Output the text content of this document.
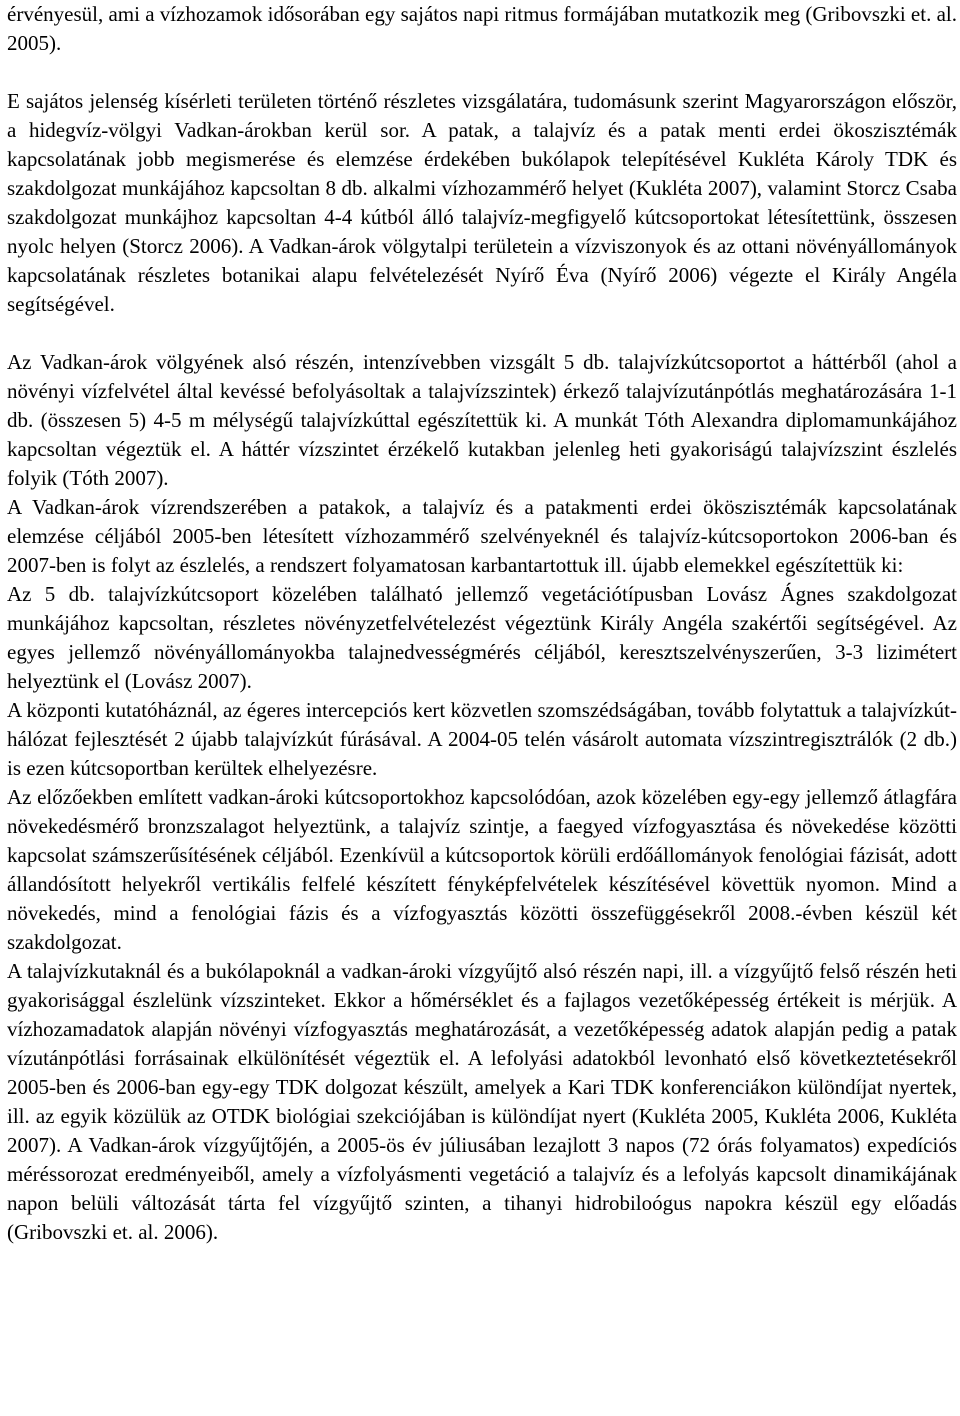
érvényesül, ami a vízhozamok idősorában egy sajátos napi ritmus formájában mutatkozik meg (Gribovszki et. al. 2005).

E sajátos jelenség kísérleti területen történő részletes vizsgálatára, tudomásunk szerint Magyarországon először, a hidegvíz-völgyi Vadkan-árokban kerül sor. A patak, a talajvíz és a patak menti erdei ökoszisztémák kapcsolatának jobb megismerése és elemzése érdekében bukólapok telepítésével Kukléta Károly TDK és szakdolgozat munkájához kapcsoltan 8 db. alkalmi vízhozammérő helyet (Kukléta 2007), valamint Storcz Csaba szakdolgozat munkájhoz kapcsoltan 4-4 kútból álló talajvíz-megfigyelő kútcsoportokat létesítettünk, összesen nyolc helyen (Storcz 2006). A Vadkan-árok völgytalpi területein a vízviszonyok és az ottani növényállományok kapcsolatának részletes botanikai alapu felvételezését Nyírő Éva (Nyírő 2006) végezte el Király Angéla segítségével.

Az Vadkan-árok völgyének alsó részén, intenzívebben vizsgált 5 db. talajvízkútcsoportot a háttérből (ahol a növényi vízfelvétel által kevéssé befolyásoltak a talajvízszintek) érkező talajvízutánpótlás meghatározására 1-1 db. (összesen 5) 4-5 m mélységű talajvízkúttal egészítettük ki. A munkát Tóth Alexandra diplomamunkájához kapcsoltan végeztük el. A háttér vízszintet érzékelő kutakban jelenleg heti gyakoriságú talajvízszint észlelés folyik (Tóth 2007).

A Vadkan-árok vízrendszerében a patakok, a talajvíz és a patakmenti erdei ököszisztémák kapcsolatának elemzése céljából 2005-ben létesített vízhozammérő szelvényeknél és talajvíz-kútcsoportokon 2006-ban és 2007-ben is folyt az észlelés, a rendszert folyamatosan karbantartottuk ill. újabb elemekkel egészítettük ki:

Az 5 db. talajvízkútcsoport közelében található jellemző vegetációtípusban Lovász Ágnes szakdolgozat munkájához kapcsoltan, részletes növényzetfelvételezést végeztünk Király Angéla szakértői segítségével. Az egyes jellemző növényállományokba talajnedvességmérés céljából, keresztszelvényszerűen, 3-3 lizimétert helyeztünk el (Lovász 2007).

A központi kutatóháznál, az égeres intercepciós kert közvetlen szomszédságában, tovább folytattuk a talajvízkút-hálózat fejlesztését 2 újabb talajvízkút fúrásával. A 2004-05 telén vásárolt automata vízszintregisztrálók (2 db.) is ezen kútcsoportban kerültek elhelyezésre.

Az előzőekben említett vadkan-ároki kútcsoportokhoz kapcsolódóan, azok közelében egy-egy jellemző átlagfára növekedésmérő bronzszalagot helyeztünk, a talajvíz szintje, a faegyed vízfogyasztása és növekedése közötti kapcsolat számszerűsítésének céljából. Ezenkívül a kútcsoportok körüli erdőállományok fenológiai fázisát, adott állandósított helyekről vertikális felfelé készített fényképfelvételek készítésével követtük nyomon. Mind a növekedés, mind a fenológiai fázis és a vízfogyasztás közötti összefüggésekről 2008.-évben készül két szakdolgozat.

A talajvízkutaknál és a bukólapoknál a vadkan-ároki vízgyűjtő alsó részén napi, ill. a vízgyűjtő felső részén heti gyakorisággal észlelünk vízszinteket. Ekkor a hőmérséklet és a fajlagos vezetőképesség értékeit is mérjük. A vízhozamadatok alapján növényi vízfogyasztás meghatározását, a vezetőképesség adatok alapján pedig a patak vízutánpótlási forrásainak elkülönítését végeztük el. A lefolyási adatokból levonható első következtetésekről 2005-ben és 2006-ban egy-egy TDK dolgozat készült, amelyek a Kari TDK konferenciákon különdíjat nyertek, ill. az egyik közülük az OTDK biológiai szekciójában is különdíjat nyert (Kukléta 2005, Kukléta 2006, Kukléta 2007). A Vadkan-árok vízgyűjtőjén, a 2005-ös év júliusában lezajlott 3 napos (72 órás folyamatos) expedíciós méréssorozat eredményeiből, amely a vízfolyásmenti vegetáció a talajvíz és a lefolyás kapcsolt dinamikájának napon belüli változását tárta fel vízgyűjtő szinten, a tihanyi hidrobiloógus napokra készül egy előadás (Gribovszki et. al. 2006).
